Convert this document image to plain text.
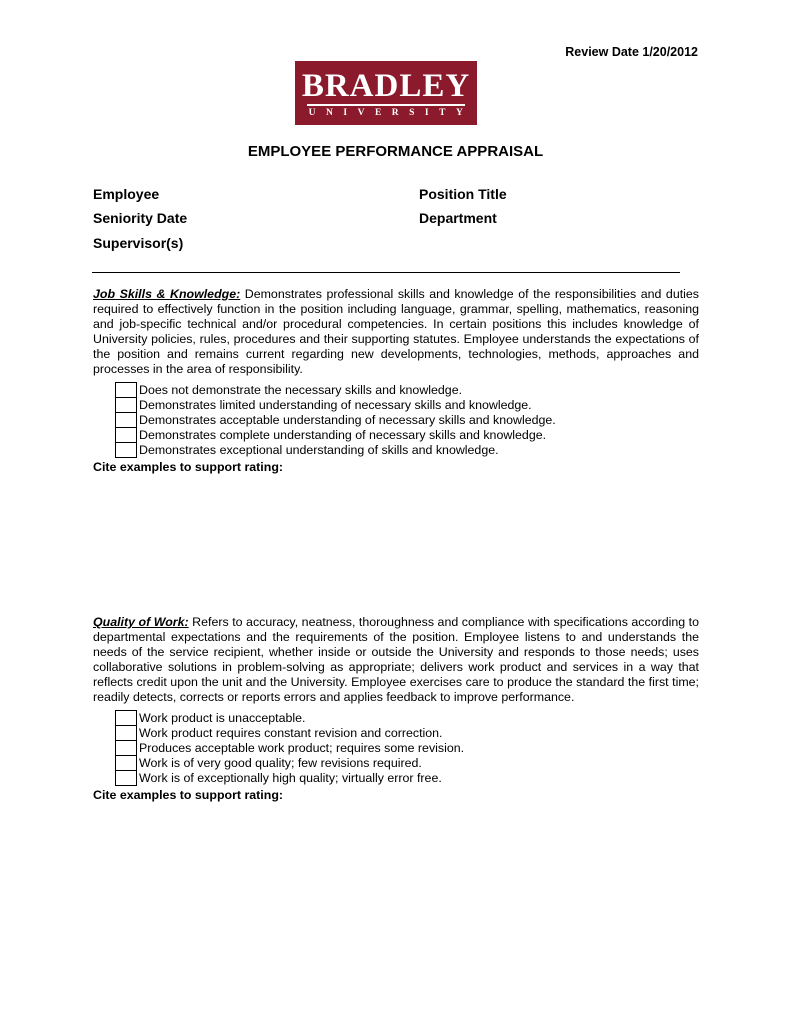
Review Date 1/20/2012
BRADLEY
UNIVERSITY
EMPLOYEE PERFORMANCE APPRAISAL
Employee	Position Title
Seniority Date	Department
Supervisor(s)

Job Skills & Knowledge: Demonstrates professional skills and knowledge of the responsibilities and duties required to effectively function in the position including language, grammar, spelling, mathematics, reasoning and job-specific technical and/or procedural competencies. In certain positions this includes knowledge of University policies, rules, procedures and their supporting statutes. Employee understands the expectations of the position and remains current regarding new developments, technologies, methods, approaches and processes in the area of responsibility.

Does not demonstrate the necessary skills and knowledge.
Demonstrates limited understanding of necessary skills and knowledge.
Demonstrates acceptable understanding of necessary skills and knowledge.
Demonstrates complete understanding of necessary skills and knowledge.
Demonstrates exceptional understanding of skills and knowledge.
Cite examples to support rating:

Quality of Work: Refers to accuracy, neatness, thoroughness and compliance with specifications according to departmental expectations and the requirements of the position. Employee listens to and understands the needs of the service recipient, whether inside or outside the University and responds to those needs; uses collaborative solutions in problem-solving as appropriate; delivers work product and services in a way that reflects credit upon the unit and the University. Employee exercises care to produce the standard the first time; readily detects, corrects or reports errors and applies feedback to improve performance.

Work product is unacceptable.
Work product requires constant revision and correction.
Produces acceptable work product; requires some revision.
Work is of very good quality; few revisions required.
Work is of exceptionally high quality; virtually error free.
Cite examples to support rating:
